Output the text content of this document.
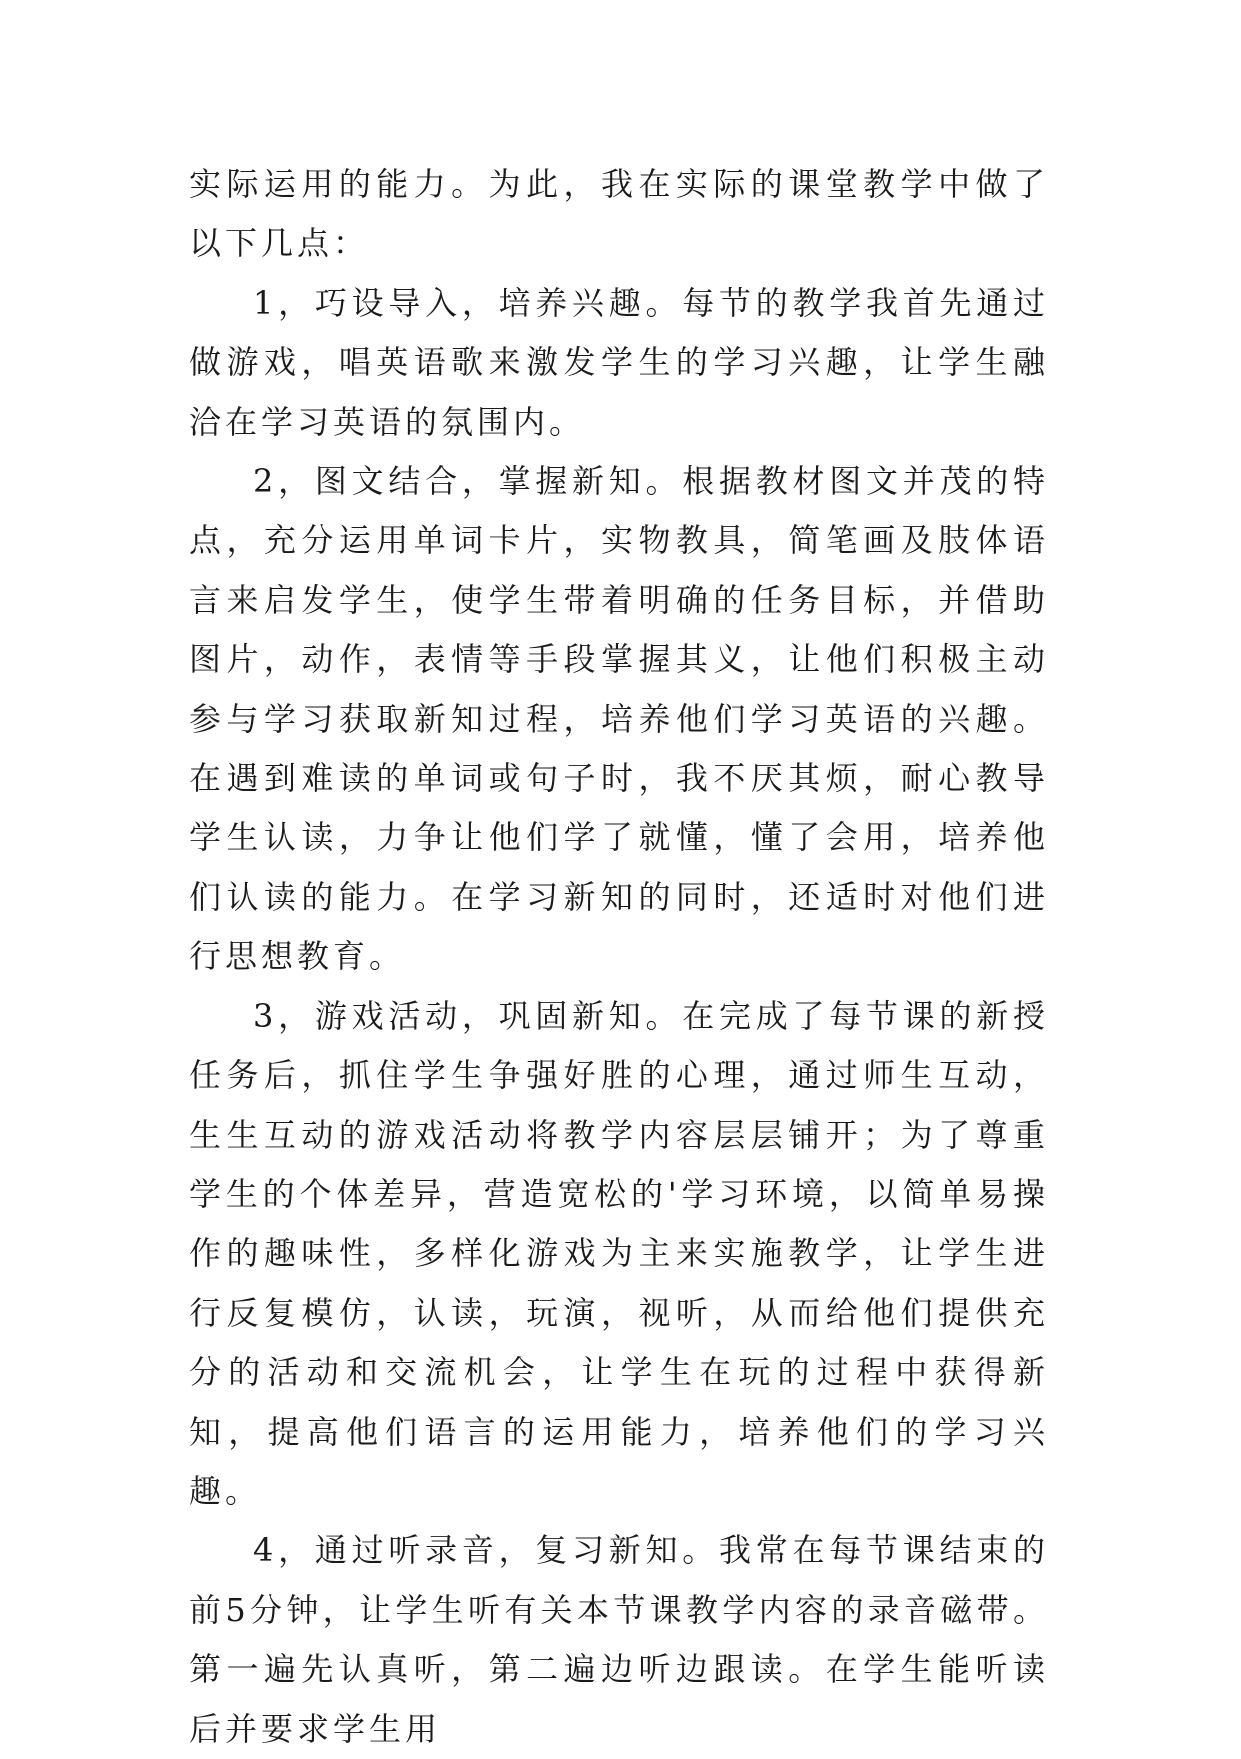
实际运用的能力。为此，我在实际的课堂教学中做了以下几点：

1，巧设导入，培养兴趣。每节的教学我首先通过做游戏，唱英语歌来激发学生的学习兴趣，让学生融洽在学习英语的氛围内。

2，图文结合，掌握新知。根据教材图文并茂的特点，充分运用单词卡片，实物教具，简笔画及肢体语言来启发学生，使学生带着明确的任务目标，并借助图片，动作，表情等手段掌握其义，让他们积极主动参与学习获取新知过程，培养他们学习英语的兴趣。在遇到难读的单词或句子时，我不厌其烦，耐心教导学生认读，力争让他们学了就懂，懂了会用，培养他们认读的能力。在学习新知的同时，还适时对他们进行思想教育。

3，游戏活动，巩固新知。在完成了每节课的新授任务后，抓住学生争强好胜的心理，通过师生互动，生生互动的游戏活动将教学内容层层铺开；为了尊重学生的个体差异，营造宽松的'学习环境，以简单易操作的趣味性，多样化游戏为主来实施教学，让学生进行反复模仿，认读，玩演，视听，从而给他们提供充分的活动和交流机会，让学生在玩的过程中获得新知，提高他们语言的运用能力，培养他们的学习兴趣。

4，通过听录音，复习新知。我常在每节课结束的前5分钟，让学生听有关本节课教学内容的录音磁带。第一遍先认真听，第二遍边听边跟读。在学生能听读后并要求学生用
